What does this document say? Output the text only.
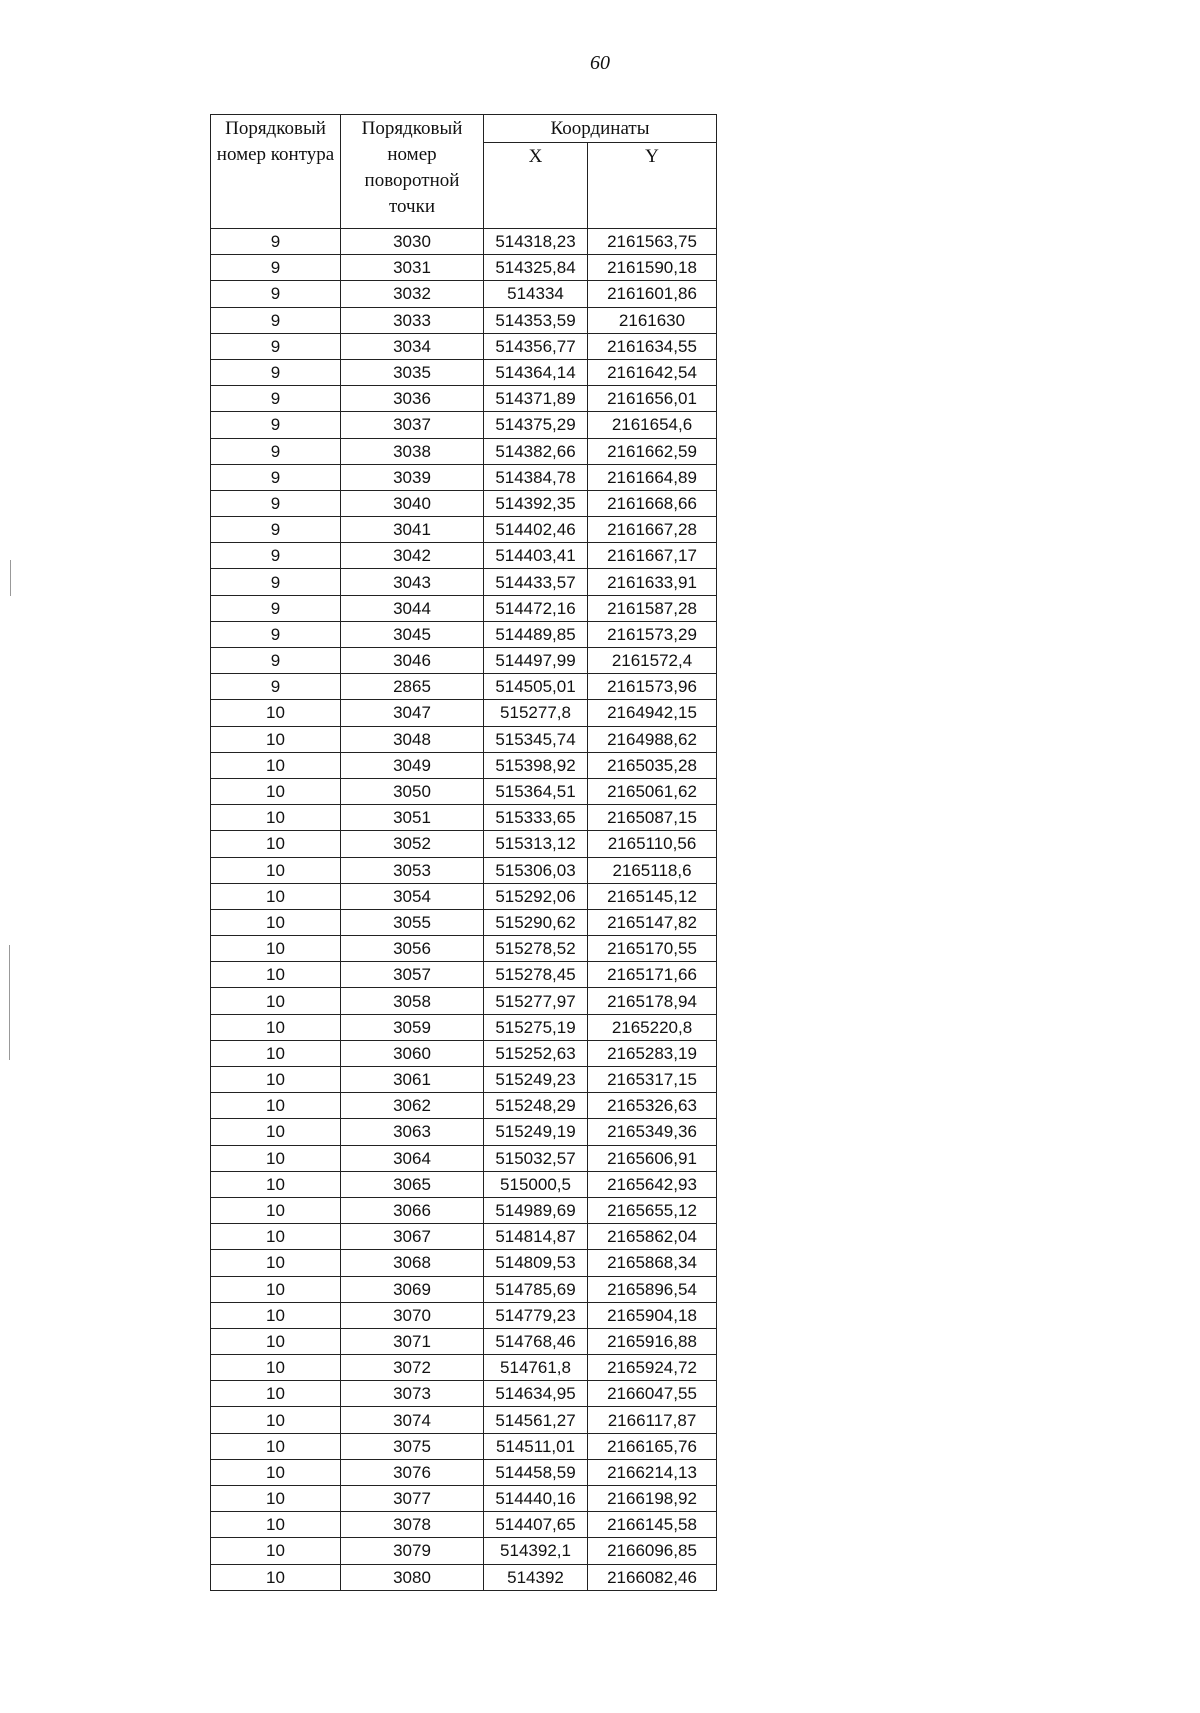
60
Порядковый номер контура	Порядковый номер поворотной точки	Координаты	
		X	Y
9	3030	514318,23	2161563,75
9	3031	514325,84	2161590,18
9	3032	514334	2161601,86
9	3033	514353,59	2161630
9	3034	514356,77	2161634,55
9	3035	514364,14	2161642,54
9	3036	514371,89	2161656,01
9	3037	514375,29	2161654,6
9	3038	514382,66	2161662,59
9	3039	514384,78	2161664,89
9	3040	514392,35	2161668,66
9	3041	514402,46	2161667,28
9	3042	514403,41	2161667,17
9	3043	514433,57	2161633,91
9	3044	514472,16	2161587,28
9	3045	514489,85	2161573,29
9	3046	514497,99	2161572,4
9	2865	514505,01	2161573,96
10	3047	515277,8	2164942,15
10	3048	515345,74	2164988,62
10	3049	515398,92	2165035,28
10	3050	515364,51	2165061,62
10	3051	515333,65	2165087,15
10	3052	515313,12	2165110,56
10	3053	515306,03	2165118,6
10	3054	515292,06	2165145,12
10	3055	515290,62	2165147,82
10	3056	515278,52	2165170,55
10	3057	515278,45	2165171,66
10	3058	515277,97	2165178,94
10	3059	515275,19	2165220,8
10	3060	515252,63	2165283,19
10	3061	515249,23	2165317,15
10	3062	515248,29	2165326,63
10	3063	515249,19	2165349,36
10	3064	515032,57	2165606,91
10	3065	515000,5	2165642,93
10	3066	514989,69	2165655,12
10	3067	514814,87	2165862,04
10	3068	514809,53	2165868,34
10	3069	514785,69	2165896,54
10	3070	514779,23	2165904,18
10	3071	514768,46	2165916,88
10	3072	514761,8	2165924,72
10	3073	514634,95	2166047,55
10	3074	514561,27	2166117,87
10	3075	514511,01	2166165,76
10	3076	514458,59	2166214,13
10	3077	514440,16	2166198,92
10	3078	514407,65	2166145,58
10	3079	514392,1	2166096,85
10	3080	514392	2166082,46
